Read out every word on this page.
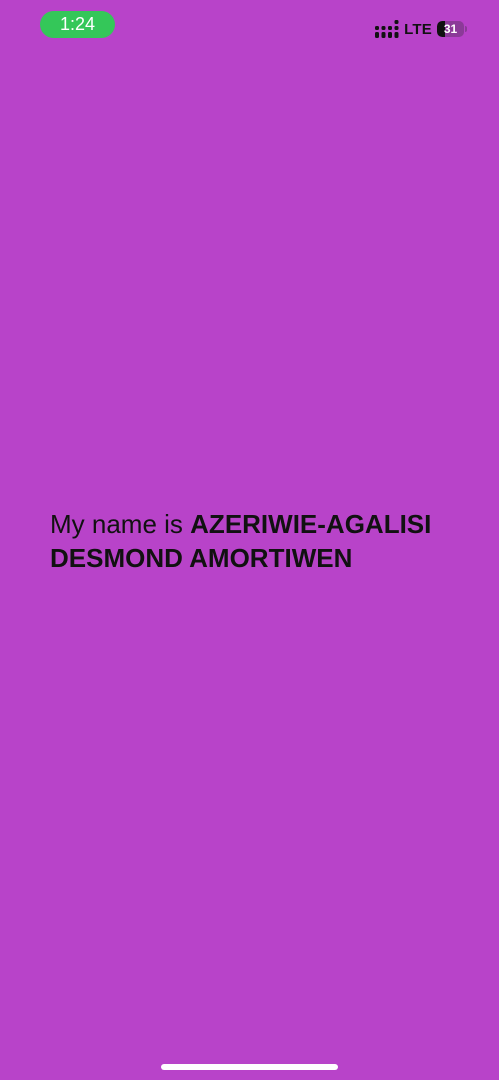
1:24	LTE 31

My name is AZERIWIE-AGALISI DESMOND AMORTIWEN
